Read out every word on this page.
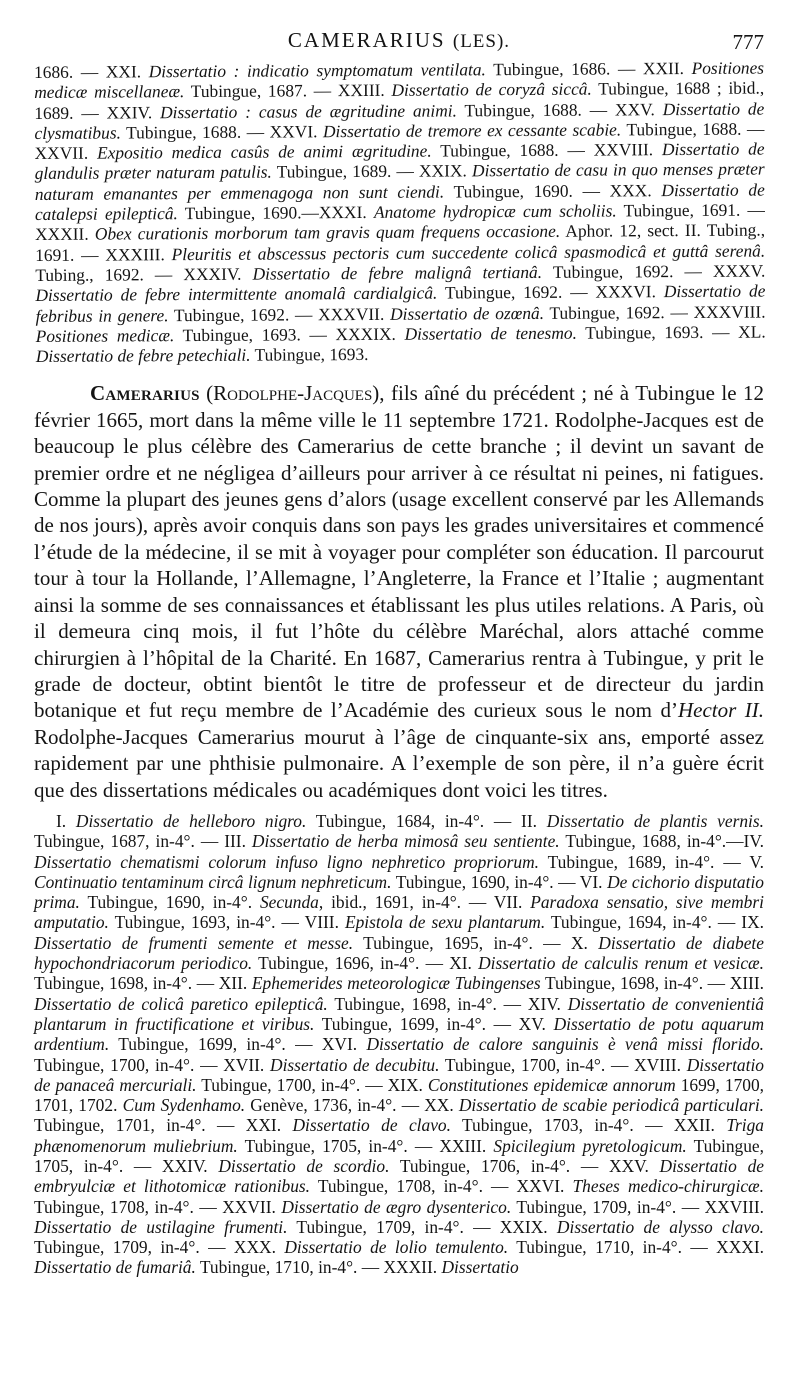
CAMERARIUS (LES).	777

1686. — XXI. Dissertatio : indicatio symptomatum ventilata. Tubingue, 1686. — XXII. Positiones medicæ miscellaneæ. Tubingue, 1687. — XXIII. Dissertatio de coryzâ siccâ. Tubingue, 1688 ; ibid., 1689. — XXIV. Dissertatio : casus de ægritudine animi. Tubingue, 1688. — XXV. Dissertatio de clysmatibus. Tubingue, 1688. — XXVI. Dissertatio de tremore ex cessante scabie. Tubingue, 1688. — XXVII. Expositio medica casûs de animi ægritudine. Tubingue, 1688. — XXVIII. Dissertatio de glandulis præter naturam patulis. Tubingue, 1689. — XXIX. Dissertatio de casu in quo menses præter naturam emanantes per emmenagoga non sunt ciendi. Tubingue, 1690. — XXX. Dissertatio de catalepsi epilepticâ. Tubingue, 1690.—XXXI. Anatome hydropicæ cum scholiis. Tubingue, 1691. — XXXII. Obex curationis morborum tam gravis quam frequens occasione. Aphor. 12, sect. II. Tubing., 1691. — XXXIII. Pleuritis et abscessus pectoris cum succedente colicâ spasmodicâ et guttâ serenâ. Tubing., 1692. — XXXIV. Dissertatio de febre malignâ tertianâ. Tubingue, 1692. — XXXV. Dissertatio de febre intermittente anomalâ cardialgicâ. Tubingue, 1692. — XXXVI. Dissertatio de febribus in genere. Tubingue, 1692. — XXXVII. Dissertatio de ozœnâ. Tubingue, 1692. — XXXVIII. Positiones medicæ. Tubingue, 1693. — XXXIX. Dissertatio de tenesmo. Tubingue, 1693. — XL. Dissertatio de febre petechiali. Tubingue, 1693.

Camerarius (Rodolphe-Jacques), fils aîné du précédent ; né à Tubingue le 12 février 1665, mort dans la même ville le 11 septembre 1721. Rodolphe-Jacques est de beaucoup le plus célèbre des Camerarius de cette branche ; il devint un savant de premier ordre et ne négligea d’ailleurs pour arriver à ce résultat ni peines, ni fatigues. Comme la plupart des jeunes gens d’alors (usage excellent conservé par les Allemands de nos jours), après avoir conquis dans son pays les grades universitaires et commencé l’étude de la médecine, il se mit à voyager pour compléter son éducation. Il parcourut tour à tour la Hollande, l’Allemagne, l’Angleterre, la France et l’Italie ; augmentant ainsi la somme de ses connaissances et établissant les plus utiles relations. A Paris, où il demeura cinq mois, il fut l’hôte du célèbre Maréchal, alors attaché comme chirurgien à l’hôpital de la Charité. En 1687, Camerarius rentra à Tubingue, y prit le grade de docteur, obtint bientôt le titre de professeur et de directeur du jardin botanique et fut reçu membre de l’Académie des curieux sous le nom d’Hector II. Rodolphe-Jacques Camerarius mourut à l’âge de cinquante-six ans, emporté assez rapidement par une phthisie pulmonaire. A l’exemple de son père, il n’a guère écrit que des dissertations médicales ou académiques dont voici les titres.

I. Dissertatio de helleboro nigro. Tubingue, 1684, in-4°. — II. Dissertatio de plantis vernis. Tubingue, 1687, in-4°. — III. Dissertatio de herba mimosâ seu sentiente. Tubingue, 1688, in-4°.—IV. Dissertatio chematismi colorum infuso ligno nephretico propriorum. Tubingue, 1689, in-4°. — V. Continuatio tentaminum circâ lignum nephreticum. Tubingue, 1690, in-4°. — VI. De cichorio disputatio prima. Tubingue, 1690, in-4°. Secunda, ibid., 1691, in-4°. — VII. Paradoxa sensatio, sive membri amputatio. Tubingue, 1693, in-4°. — VIII. Epistola de sexu plantarum. Tubingue, 1694, in-4°. — IX. Dissertatio de frumenti semente et messe. Tubingue, 1695, in-4°. — X. Dissertatio de diabete hypochondriacorum periodico. Tubingue, 1696, in-4°. — XI. Dissertatio de calculis renum et vesicæ. Tubingue, 1698, in-4°. — XII. Ephemerides meteorologicæ Tubingenses Tubingue, 1698, in-4°. — XIII. Dissertatio de colicâ paretico epilepticâ. Tubingue, 1698, in-4°. — XIV. Dissertatio de convenientiâ plantarum in fructificatione et viribus. Tubingue, 1699, in-4°. — XV. Dissertatio de potu aquarum ardentium. Tubingue, 1699, in-4°. — XVI. Dissertatio de calore sanguinis è venâ missi florido. Tubingue, 1700, in-4°. — XVII. Dissertatio de decubitu. Tubingue, 1700, in-4°. — XVIII. Dissertatio de panaceâ mercuriali. Tubingue, 1700, in-4°. — XIX. Constitutiones epidemicæ annorum 1699, 1700, 1701, 1702. Cum Sydenhamo. Genève, 1736, in-4°. — XX. Dissertatio de scabie periodicâ particulari. Tubingue, 1701, in-4°. — XXI. Dissertatio de clavo. Tubingue, 1703, in-4°. — XXII. Triga phænomenorum muliebrium. Tubingue, 1705, in-4°. — XXIII. Spicilegium pyretologicum. Tubingue, 1705, in-4°. — XXIV. Dissertatio de scordio. Tubingue, 1706, in-4°. — XXV. Dissertatio de embryulciæ et lithotomicæ rationibus. Tubingue, 1708, in-4°. — XXVI. Theses medico-chirurgicæ. Tubingue, 1708, in-4°. — XXVII. Dissertatio de ægro dysenterico. Tubingue, 1709, in-4°. — XXVIII. Dissertatio de ustilagine frumenti. Tubingue, 1709, in-4°. — XXIX. Dissertatio de alysso clavo. Tubingue, 1709, in-4°. — XXX. Dissertatio de lolio temulento. Tubingue, 1710, in-4°. — XXXI. Dissertatio de fumariâ. Tubingue, 1710, in-4°. — XXXII. Dissertatio
